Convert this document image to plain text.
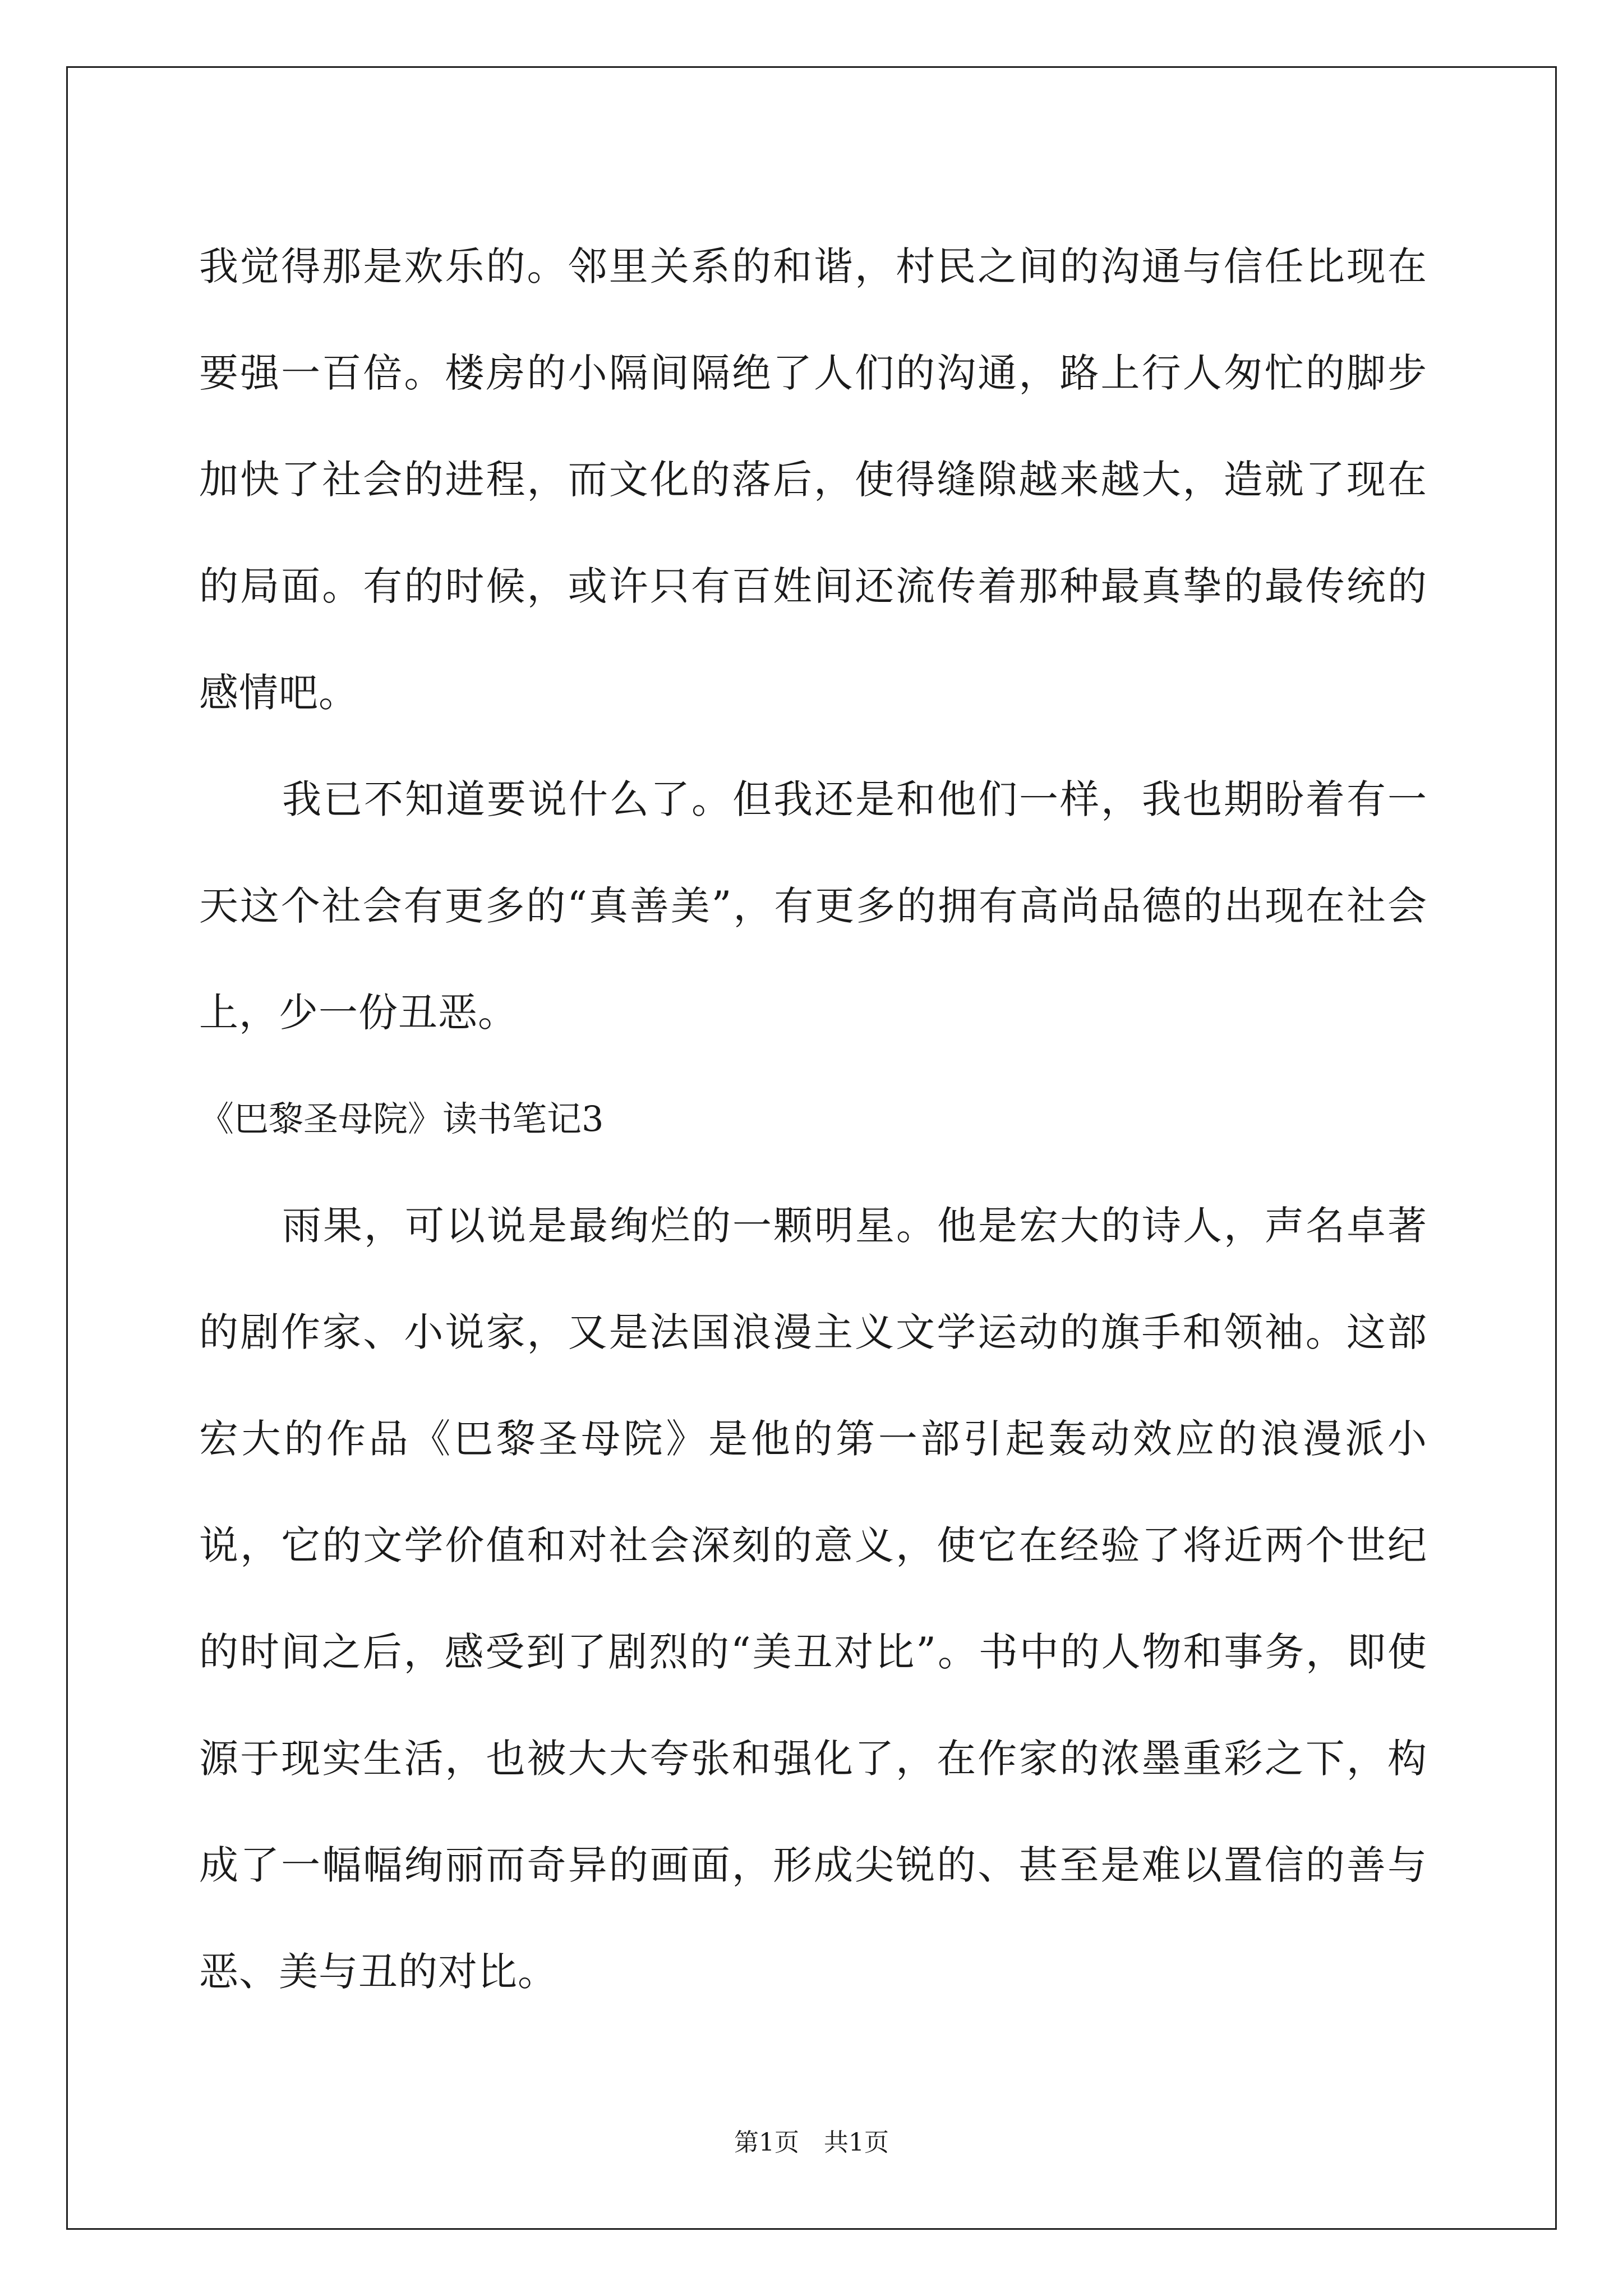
我觉得那是欢乐的。邻里关系的和谐，村民之间的沟通与信任比现在要强一百倍。楼房的小隔间隔绝了人们的沟通，路上行人匆忙的脚步加快了社会的进程，而文化的落后，使得缝隙越来越大，造就了现在的局面。有的时候，或许只有百姓间还流传着那种最真挚的最传统的感情吧。

我已不知道要说什么了。但我还是和他们一样，我也期盼着有一天这个社会有更多的“真善美”，有更多的拥有高尚品德的出现在社会上，少一份丑恶。

《巴黎圣母院》读书笔记3

雨果，可以说是最绚烂的一颗明星。他是宏大的诗人，声名卓著的剧作家、小说家，又是法国浪漫主义文学运动的旗手和领袖。这部宏大的作品《巴黎圣母院》是他的第一部引起轰动效应的浪漫派小说，它的文学价值和对社会深刻的意义，使它在经验了将近两个世纪的时间之后，感受到了剧烈的“美丑对比”。书中的人物和事务，即使源于现实生活，也被大大夸张和强化了，在作家的浓墨重彩之下，构成了一幅幅绚丽而奇异的画面，形成尖锐的、甚至是难以置信的善与恶、美与丑的对比。

第1页　共1页
